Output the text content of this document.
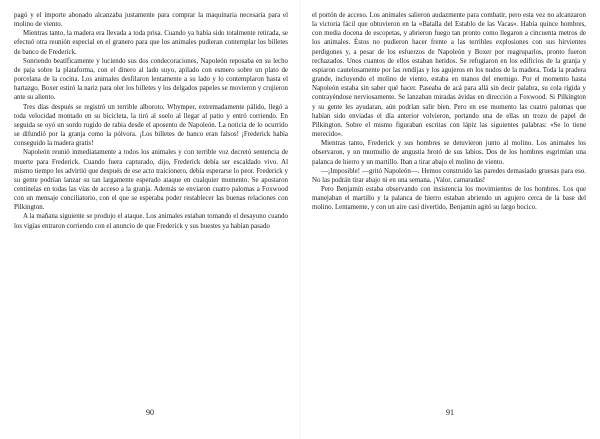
pagó y el importe abonado alcanzaba justamente para comprar la maquinaria necesaria para el molino de viento.

Mientras tanto, la madera era llevada a toda prisa. Cuando ya había sido totalmente retirada, se efectuó otra reunión especial en el granero para que los animales pudieran contemplar los billetes de banco de Frederick.

Sonriendo beatíficamente y luciendo sus dos condecoraciones, Napoleón reposaba en su lecho de paja sobre la plataforma, con el dinero al lado suyo, apilado con esmero sobre un plato de porcelana de la cocina. Los animales desfilaron lentamente a su lado y lo contemplaron hasta el hartazgo. Boxer estiró la nariz para oler los billetes y los delgados papeles se movieron y crujieron ante su aliento.

Tres días después se registró un terrible alboroto. Whymper, extremadamente pálido, llegó a toda velocidad montado en su bicicleta, la tiró al suelo al llegar al patio y entró corriendo. En seguida se oyó un sordo rugido de rabia desde el aposento de Napoleón. La noticia de lo ocurrido se difundió por la granja como la pólvora. ¡Los billetes de banco eran falsos! ¡Frederick había conseguido la madera gratis!

Napoleón reunió inmediatamente a todos los animales y con terrible voz decretó sentencia de muerte para Frederick. Cuando fuera capturado, dijo, Frederick debía ser escaldado vivo. Al mismo tiempo les advirtió que después de ese acto traicionero, debía esperarse lo peor. Frederick y su gente podrían lanzar su tan largamente esperado ataque en cualquier momento. Se apostaron centinelas en todas las vías de acceso a la granja. Además se enviaron cuatro palomas a Foxwood con un mensaje conciliatorio, con el que se esperaba poder restablecer las buenas relaciones con Pilkington.

A la mañana siguiente se produjo el ataque. Los animales estaban tomando el desayuno cuando los vigías entraron corriendo con el anuncio de que Frederick y sus huestes ya habían pasado

90

el portón de acceso. Los animales salieron audazmente para combatir, pero esta vez no alcanzaron la victoria fácil que obtuvieron en la «Batalla del Establo de las Vacas». Había quince hombres, con media docena de escopetas, y abrieron fuego tan pronto como llegaron a cincuenta metros de los animales. Éstos no pudieron hacer frente a las terribles explosiones con sus hirvientes perdigones y, a pesar de los esfuerzos de Napoleón y Boxer por reagruparlos, pronto fueron rechazados. Unos cuantos de ellos estaban heridos. Se refugiaron en los edificios de la granja y espiaron cautelosamente por las rendijas y los agujeros en los nudos de la madera. Toda la pradera grande, incluyendo el molino de viento, estaba en manos del enemigo. Por el momento hasta Napoleón estaba sin saber qué hacer. Paseaba de acá para allá sin decir palabra, su cola rígida y contrayéndose nerviosamente. Se lanzaban miradas ávidas en dirección a Foxwood. Si Pilkington y su gente les ayudaran, aún podrían salir bien. Pero en ese momento las cuatro palomas que habían sido enviadas el día anterior volvieron, portando una de ellas un trozo de papel de Pilkington. Sobre el mismo figuraban escritas con lápiz las siguientes palabras: «Se lo tiene merecido».

Mientras tanto, Frederick y sus hombres se detuvieron junto al molino. Los animales los observaron, y un murmullo de angustia brotó de sus labios. Dos de los hombres esgrimían una palanca de hierro y un martillo. Iban a tirar abajo el molino de viento.

—¡Imposible! —gritó Napoleón—. Hemos construido las paredes demasiado gruesas para eso. No las podrán tirar abajo ni en una semana. ¡Valor, camaradas!

Pero Benjamín estaba observando con insistencia los movimientos de los hombres. Los que manejaban el martillo y la palanca de hierro estaban abriendo un agujero cerca de la base del molino. Lentamente, y con un aire casi divertido, Benjamín agitó su largo hocico.

91
